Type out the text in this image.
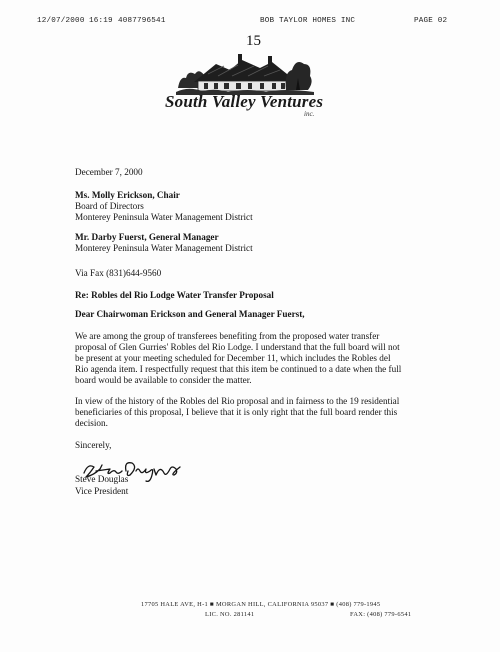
12/07/2000 16:19 4087796541	BOB TAYLOR HOMES INC	PAGE 02
15
South Valley Ventures
inc.
December 7, 2000
Ms. Molly Erickson, Chair
Board of Directors
Monterey Peninsula Water Management District
Mr. Darby Fuerst, General Manager
Monterey Peninsula Water Management District
Via Fax (831)644-9560
Re: Robles del Rio Lodge Water Transfer Proposal
Dear Chairwoman Erickson and General Manager Fuerst,
We are among the group of transferees benefiting from the proposed water transfer
proposal of Glen Gurries' Robles del Rio Lodge. I understand that the full board will not
be present at your meeting scheduled for December 11, which includes the Robles del
Rio agenda item. I respectfully request that this item be continued to a date when the full
board would be available to consider the matter.
In view of the history of the Robles del Rio proposal and in fairness to the 19 residential
beneficiaries of this proposal, I believe that it is only right that the full board render this
decision.
Sincerely,
Steve Douglas
Vice President
17705 HALE AVE, H-1 ■ MORGAN HILL, CALIFORNIA 95037 ■ (408) 779-1945
LIC. NO. 281141	FAX: (408) 779-6541
